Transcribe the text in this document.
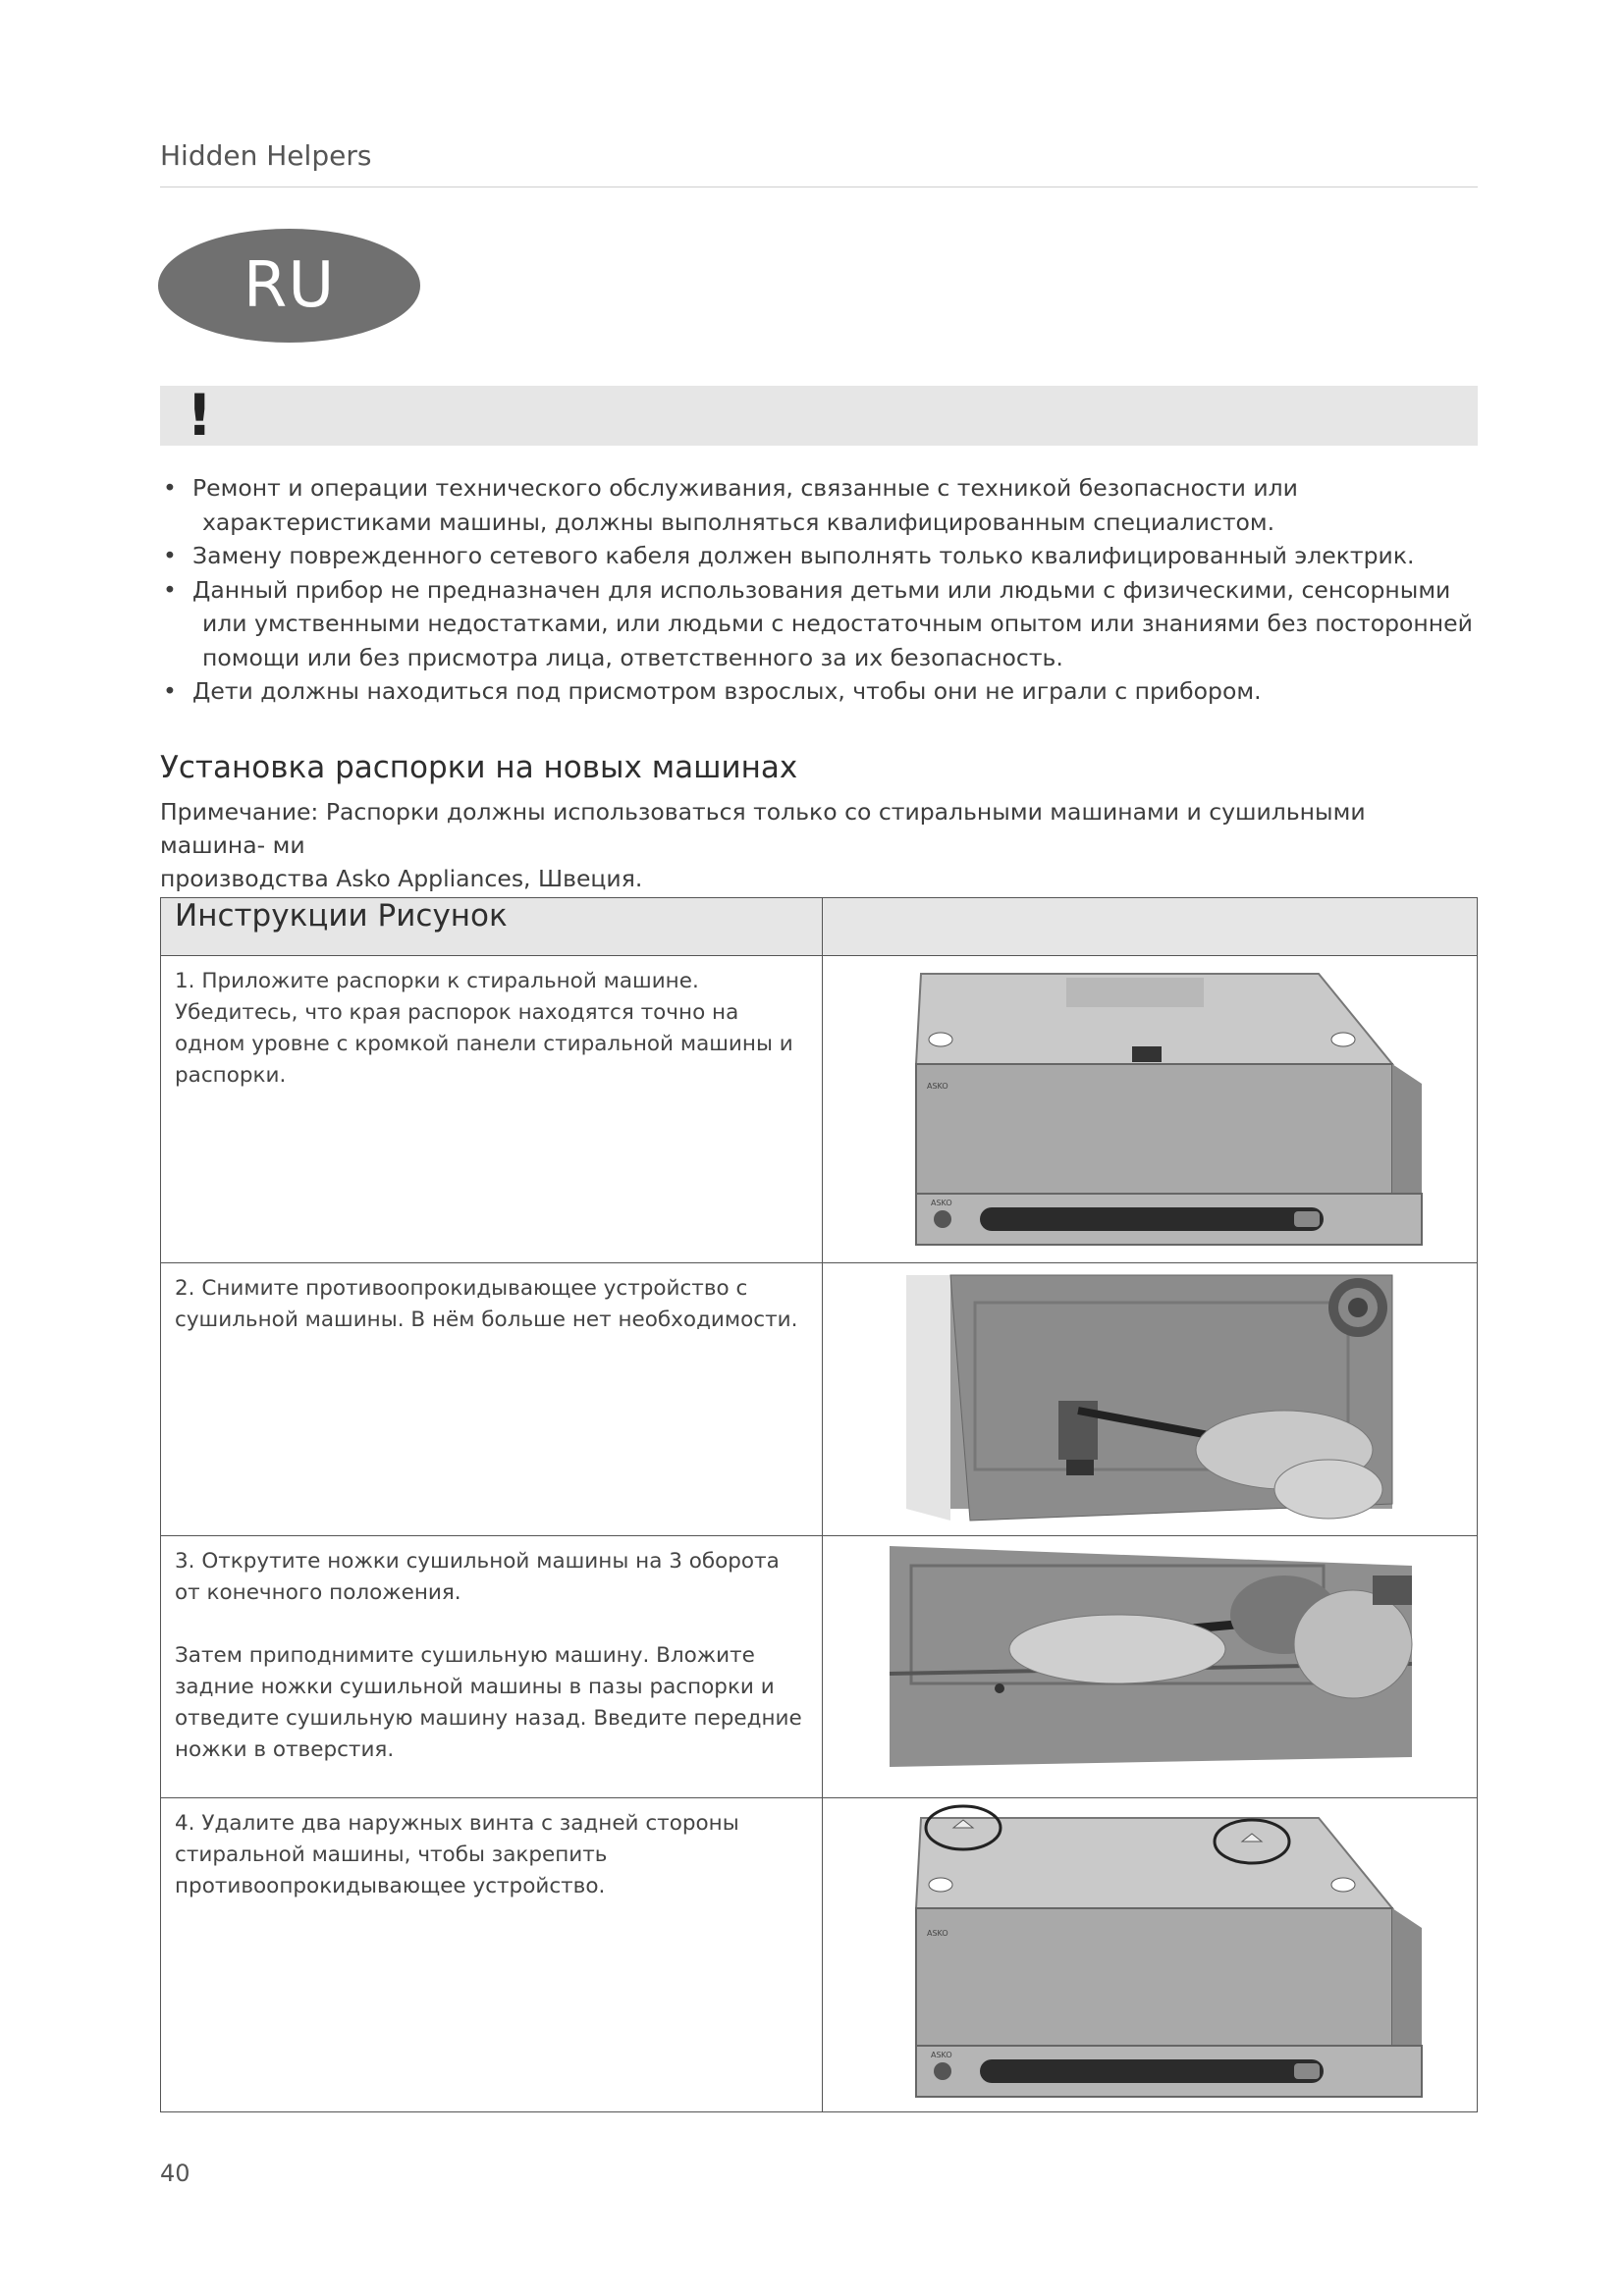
Hidden Helpers
RU
!
• Ремонт и операции технического обслуживания, связанные с техникой безопасности или
характеристиками машины, должны выполняться квалифицированным специалистом.
• Замену поврежденного сетевого кабеля должен выполнять только квалифицированный электрик.
• Данный прибор не предназначен для использования детьми или людьми с физическими, сенсорными
или умственными недостатками, или людьми с недостаточным опытом или знаниями без посторонней
помощи или без присмотра лица, ответственного за их безопасность.
• Дети должны находиться под присмотром взрослых, чтобы они не играли с прибором.
Установка распорки на новых машинах
Примечание: Распорки должны использоваться только со стиральными машинами и сушильными машина- ми
производства Asko Appliances, Швеция.
Инструкции Рисунок	

1. Приложите распорки к стиральной машине. Убедитесь, что края распорок находятся точно на одном уровне с кромкой панели стиральной машины и распорки.	ASKO
ASKO

2. Снимите противоопрокидывающее устройство с сушильной машины. В нём больше нет необходимости.

3. Открутите ножки сушильной машины на 3 оборота от конечного положения.

Затем приподнимите сушильную машину. Вложите задние ножки сушильной машины в пазы распорки и отведите сушильную машину назад. Введите передние ножки в отверстия.

4. Удалите два наружных винта с задней стороны стиральной машины, чтобы закрепить противоопрокидывающее устройство.	ASKO
ASKO
40
